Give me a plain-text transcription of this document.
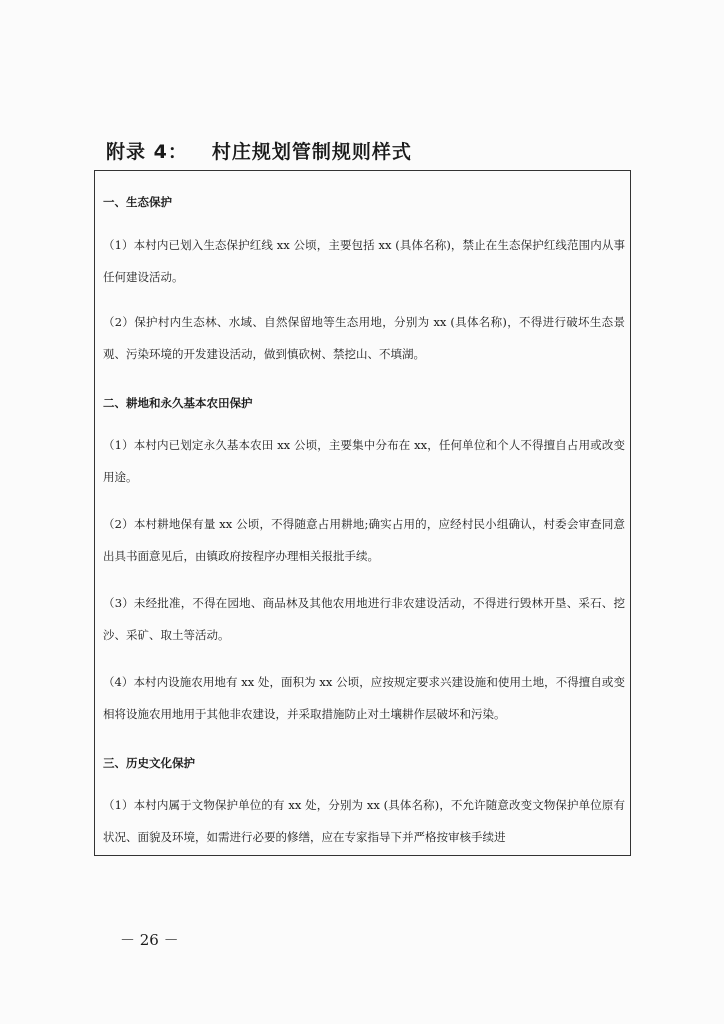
附录 4： 村庄规划管制规则样式
一、生态保护
（1）本村内已划入生态保护红线 xx 公顷，主要包括 xx (具体名称)，禁止在生态保护红线范围内从事任何建设活动。
（2）保护村内生态林、水域、自然保留地等生态用地，分别为 xx (具体名称)，不得进行破坏生态景观、污染环境的开发建设活动，做到慎砍树、禁挖山、不填湖。
二、耕地和永久基本农田保护
（1）本村内已划定永久基本农田 xx 公顷，主要集中分布在 xx，任何单位和个人不得擅自占用或改变用途。
（2）本村耕地保有量 xx 公顷，不得随意占用耕地;确实占用的，应经村民小组确认，村委会审查同意出具书面意见后，由镇政府按程序办理相关报批手续。
（3）未经批准，不得在园地、商品林及其他农用地进行非农建设活动，不得进行毁林开垦、采石、挖沙、采矿、取土等活动。
（4）本村内设施农用地有 xx 处，面积为 xx 公顷，应按规定要求兴建设施和使用土地，不得擅自或变相将设施农用地用于其他非农建设，并采取措施防止对土壤耕作层破坏和污染。
三、历史文化保护
（1）本村内属于文物保护单位的有 xx 处，分别为 xx (具体名称)，不允许随意改变文物保护单位原有状况、面貌及环境，如需进行必要的修缮，应在专家指导下并严格按审核手续进
－ 26 －
